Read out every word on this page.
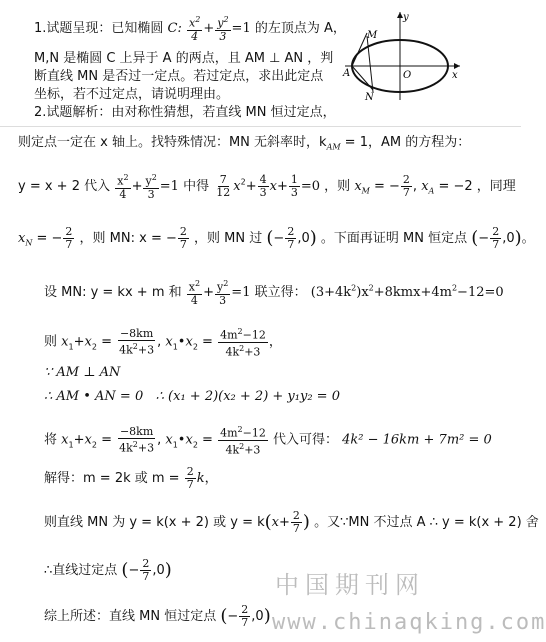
1.试题呈现：已知椭圆 C: $\frac{x^2}{4} + \frac{y^2}{3} =1$ 的左顶点为 A，
M,N 是椭圆 C 上异于 A 的两点，且 AM ⊥ AN ，判
断直线 MN 是否过一定点。若过定点，求出此定点
坐标，若不过定点，请说明理由。
2.试题解析：由对称性猜想，若直线 MN 恒过定点，
A
M
N
O
y
x
则定点一定在 x 轴上。找特殊情况：MN 无斜率时，$k_{AM} = 1$，AM 的方程为：
y = x + 2 代入 $\frac{x^2}{4} + \frac{y^2}{3} =1$ 中得 $\frac{7}{12} x^2+ \frac{4}{3} x+ \frac{1}{3} =0$ ，则 $x_M$ = − $\frac{2}{7}$ , $x_A = -2$ ，同理
$x_N$ = − $\frac{2}{7}$ ，则 MN: x = − $\frac{2}{7}$ ，则 MN 过 (− $\frac{2}{7} ,0$) 。下面再证明 MN 恒定点 (− $\frac{2}{7} ,0$)。
设 MN: y = kx + m 和 $\frac{x^2}{4} + \frac{y^2}{3} =1$ 联立得： $(3+4k^2)x^2+8kmx+4m^2-12=0$
则 $x_1+x_2 = \frac{-8km}{4k^2+3}$ , $x_1•x_2 = \frac{4m^2-12}{4k^2+3}$ ，
∵ AM ⊥ AN
∴ AM • AN = 0 ∴ (x₁ + 2)(x₂ + 2) + y₁y₂ = 0
将 $x_1+x_2 = \frac{-8km}{4k^2+3}$ , $x_1•x_2 = \frac{4m^2-12}{4k^2+3}$ 代入可得： 4k² − 16km + 7m² = 0
解得：m = 2k 或 $m = \frac{2}{7}$ k，
则直线 MN 为 y = k(x + 2) 或 $y = k(x+ \frac{2}{7}$ ) 。又∵MN 不过点 A ∴ y = k(x + 2) 舍
∴直线过定点 (− $\frac{2}{7} ,0$)
综上所述：直线 MN 恒过定点 (− $\frac{2}{7} ,0$)
中国期刊网
www.chinaqking.com
